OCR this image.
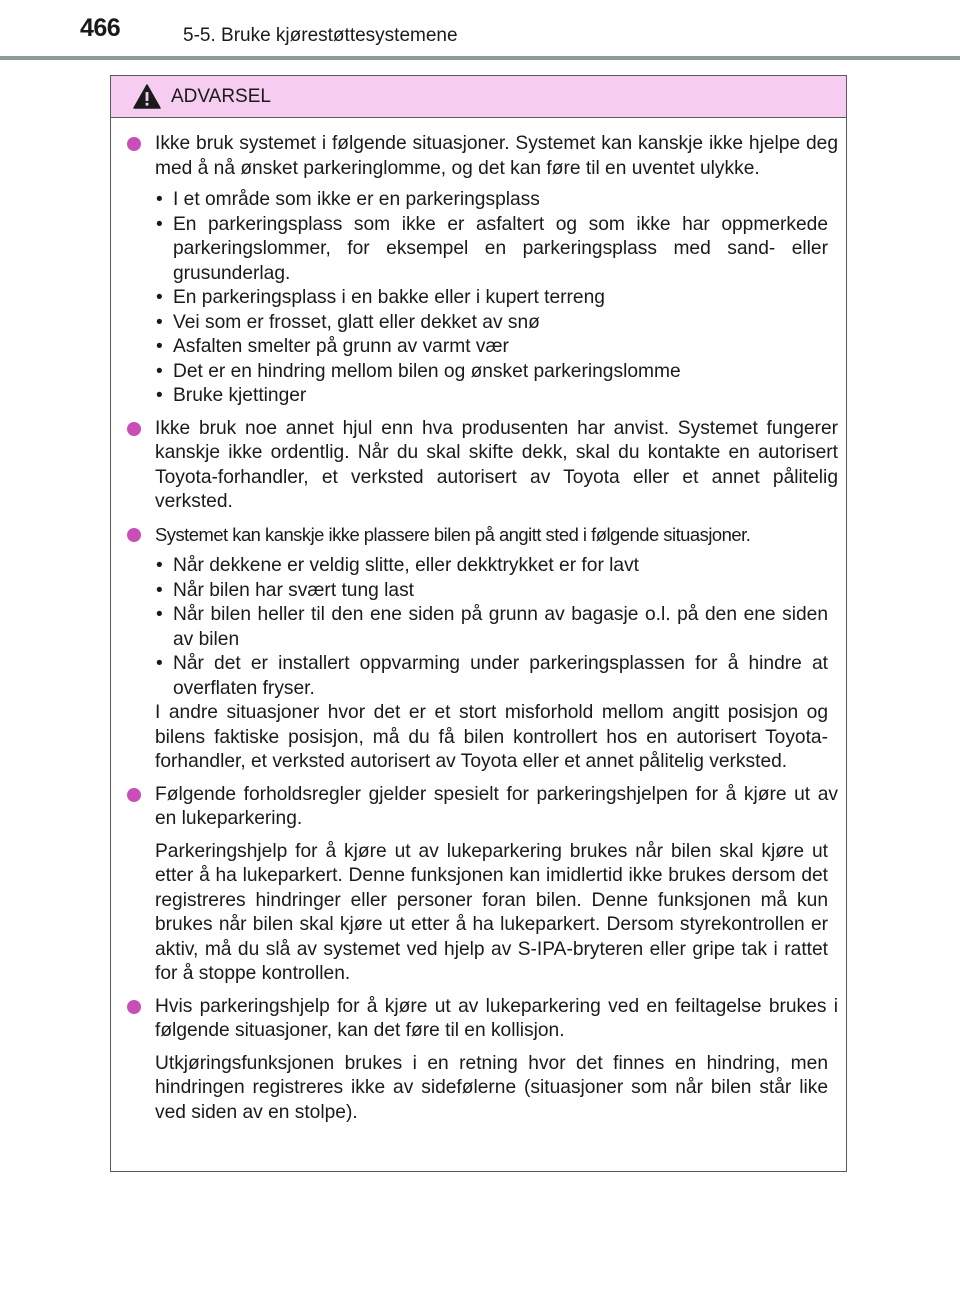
466	5-5. Bruke kjørestøttesystemene
ADVARSEL

Ikke bruk systemet i følgende situasjoner. Systemet kan kanskje ikke hjelpe deg med å nå ønsket parkeringlomme, og det kan føre til en uventet ulykke.

• I et område som ikke er en parkeringsplass
• En parkeringsplass som ikke er asfaltert og som ikke har oppmerkede parkeringslommer, for eksempel en parkeringsplass med sand- eller grusunderlag.
• En parkeringsplass i en bakke eller i kupert terreng
• Vei som er frosset, glatt eller dekket av snø
• Asfalten smelter på grunn av varmt vær
• Det er en hindring mellom bilen og ønsket parkeringslomme
• Bruke kjettinger

Ikke bruk noe annet hjul enn hva produsenten har anvist. Systemet fungerer kanskje ikke ordentlig. Når du skal skifte dekk, skal du kontakte en autorisert Toyota-forhandler, et verksted autorisert av Toyota eller et annet pålitelig verksted.

Systemet kan kanskje ikke plassere bilen på angitt sted i følgende situasjoner.

• Når dekkene er veldig slitte, eller dekktrykket er for lavt
• Når bilen har svært tung last
• Når bilen heller til den ene siden på grunn av bagasje o.l. på den ene siden av bilen
• Når det er installert oppvarming under parkeringsplassen for å hindre at overflaten fryser.

I andre situasjoner hvor det er et stort misforhold mellom angitt posisjon og bilens faktiske posisjon, må du få bilen kontrollert hos en autorisert Toyota-forhandler, et verksted autorisert av Toyota eller et annet pålitelig verksted.

Følgende forholdsregler gjelder spesielt for parkeringshjelpen for å kjøre ut av en lukeparkering.

Parkeringshjelp for å kjøre ut av lukeparkering brukes når bilen skal kjøre ut etter å ha lukeparkert. Denne funksjonen kan imidlertid ikke brukes dersom det registreres hindringer eller personer foran bilen. Denne funksjonen må kun brukes når bilen skal kjøre ut etter å ha lukeparkert. Dersom styrekontrollen er aktiv, må du slå av systemet ved hjelp av S-IPA-bryteren eller gripe tak i rattet for å stoppe kontrollen.

Hvis parkeringshjelp for å kjøre ut av lukeparkering ved en feiltagelse brukes i følgende situasjoner, kan det føre til en kollisjon.

Utkjøringsfunksjonen brukes i en retning hvor det finnes en hindring, men hindringen registreres ikke av sidefølerne (situasjoner som når bilen står like ved siden av en stolpe).
